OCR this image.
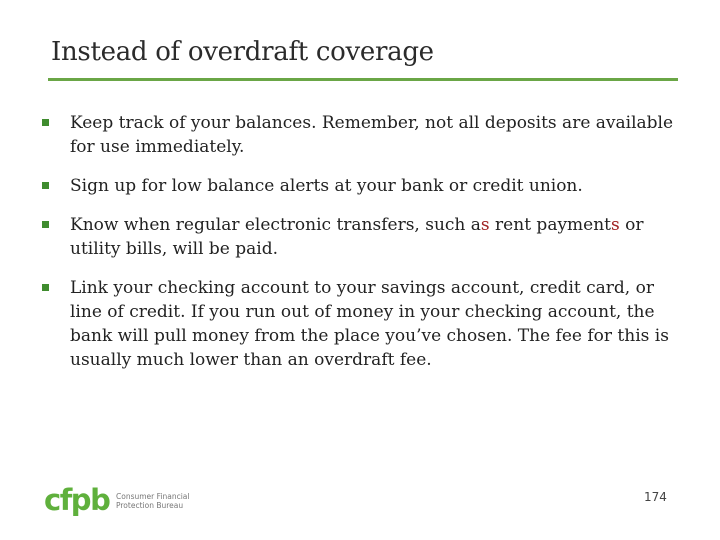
Instead of overdraft coverage
Keep track of your balances. Remember, not all deposits are available for use immediately.
Sign up for low balance alerts at your bank or credit union.
Know when regular electronic transfers, such as rent payments or utility bills, will be paid.
Link your checking account to your savings account, credit card, or line of credit. If you run out of money in your checking account, the bank will pull money from the place you’ve chosen. The fee for this is usually much lower than an overdraft fee.
cfpb Consumer Financial
Protection Bureau
174
